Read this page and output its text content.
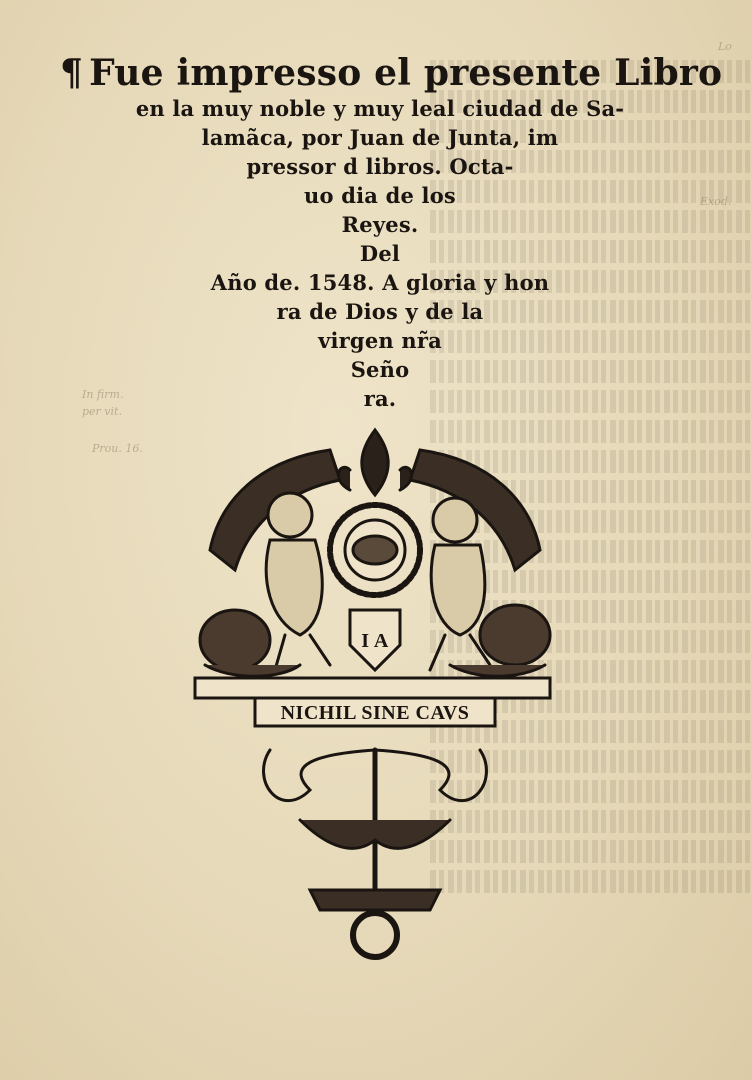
Lo
Exod.
In firm.
per vit.
Prou. 16.
¶ Fue impresso el presente Libro
en la muy noble y muy leal ciudad de Sa-
lamãca, por Juan de Junta, im
pressor d libros. Octa-
uo dia de los
Reyes.
Del
Año de. 1548. A gloria y hon
ra de Dios y de la
virgen nr̃a
Seño
ra.
I A
NICHIL SINE CAVS
